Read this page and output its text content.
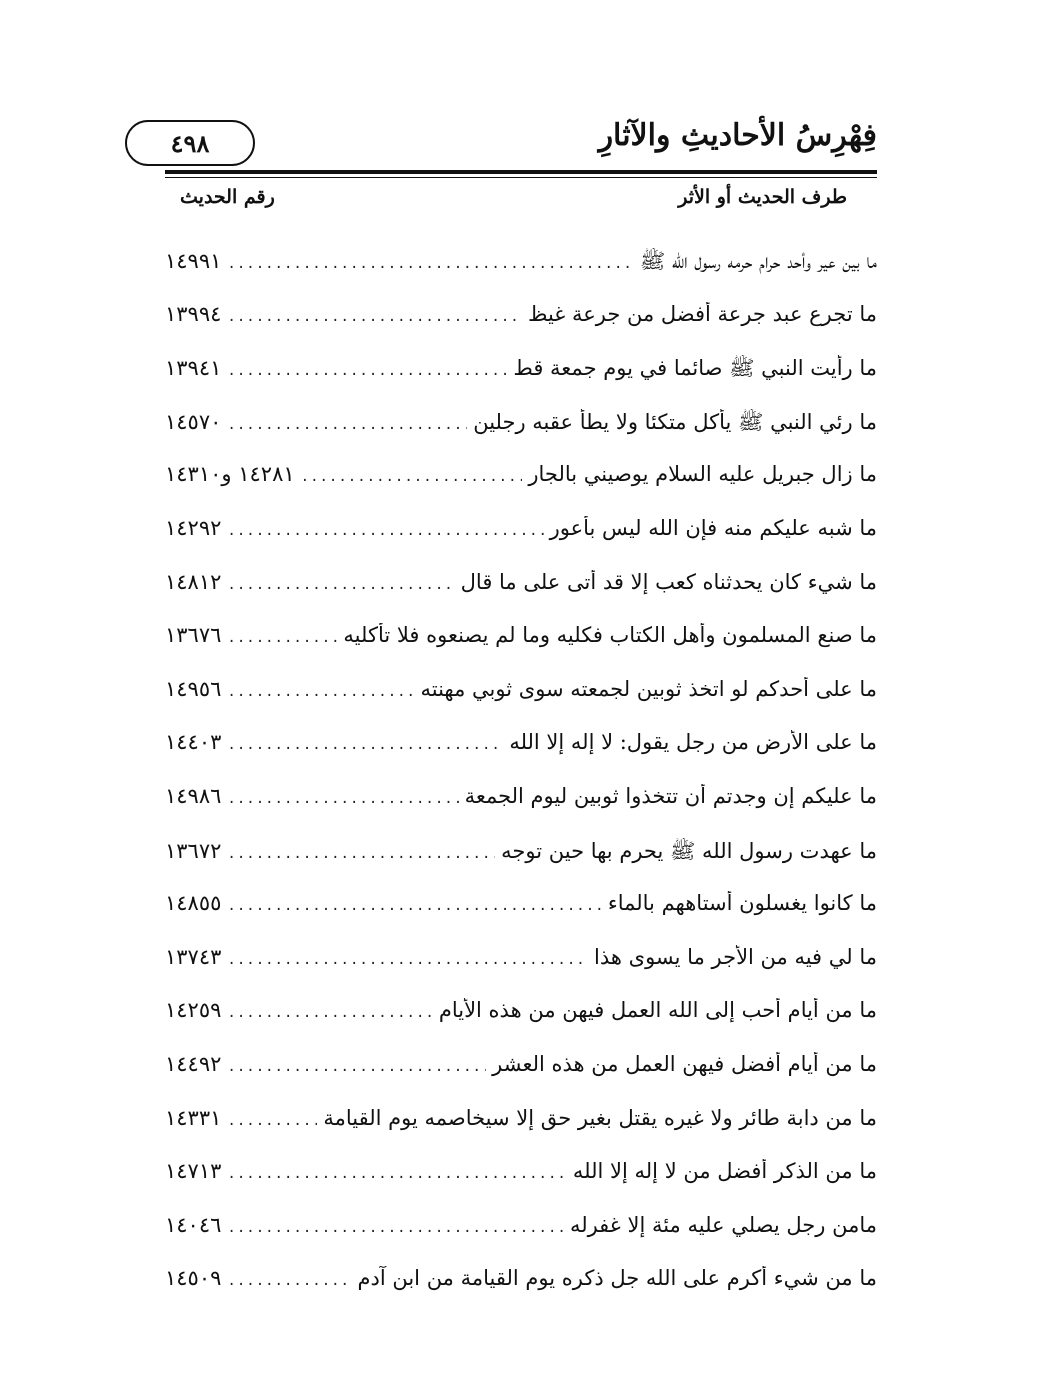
فِهْرِسُ الأحاديثِ والآثارِ
٤٩٨
طرف الحديث أو الأثر
رقم الحديث
ما بين عير وأحد حرام حرمه رسول الله ﷺ
.....
١٤٩٩١
ما تجرع عبد جرعة أفضل من جرعة غيظ
.....
١٣٩٩٤
ما رأيت النبي ﷺ صائما في يوم جمعة قط
.....
١٣٩٤١
ما رئي النبي ﷺ يأكل متكئا ولا يطأ عقبه رجلين
.....
١٤٥٧٠
ما زال جبريل عليه السلام يوصيني بالجار
.....
١٤٢٨١ و١٤٣١٠
ما شبه عليكم منه فإن الله ليس بأعور
.....
١٤٢٩٢
ما شيء كان يحدثناه كعب إلا قد أتى على ما قال
.....
١٤٨١٢
ما صنع المسلمون وأهل الكتاب فكليه وما لم يصنعوه فلا تأكليه
.....
١٣٦٧٦
ما على أحدكم لو اتخذ ثوبين لجمعته سوى ثوبي مهنته
.....
١٤٩٥٦
ما على الأرض من رجل يقول: لا إله إلا الله
.....
١٤٤٠٣
ما عليكم إن وجدتم أن تتخذوا ثوبين ليوم الجمعة
.....
١٤٩٨٦
ما عهدت رسول الله ﷺ يحرم بها حين توجه
.....
١٣٦٧٢
ما كانوا يغسلون أستاههم بالماء
.....
١٤٨٥٥
ما لي فيه من الأجر ما يسوى هذا
.....
١٣٧٤٣
ما من أيام أحب إلى الله العمل فيهن من هذه الأيام
.....
١٤٢٥٩
ما من أيام أفضل فيهن العمل من هذه العشر
.....
١٤٤٩٢
ما من دابة طائر ولا غيره يقتل بغير حق إلا سيخاصمه يوم القيامة
.....
١٤٣٣١
ما من الذكر أفضل من لا إله إلا الله
.....
١٤٧١٣
مامن رجل يصلي عليه مئة إلا غفرله
.....
١٤٠٤٦
ما من شيء أكرم على الله جل ذكره يوم القيامة من ابن آدم
.....
١٤٥٠٩
